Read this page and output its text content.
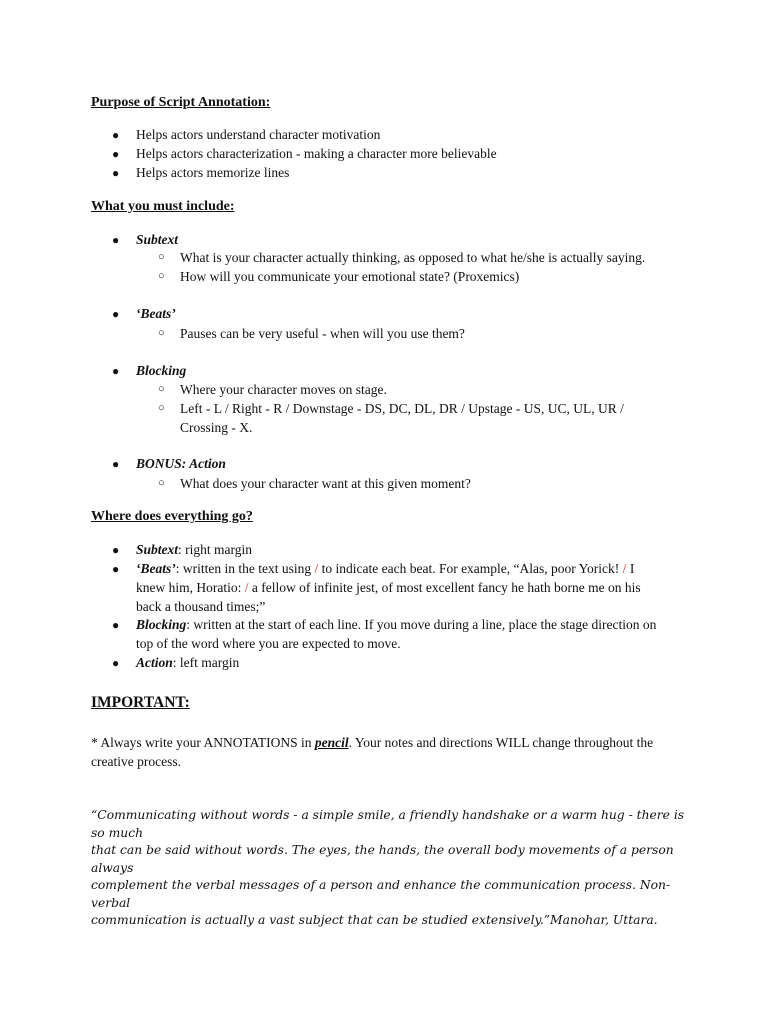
Purpose of Script Annotation:
● Helps actors understand character motivation
● Helps actors characterization - making a character more believable
● Helps actors memorize lines
What you must include:
● Subtext
○ What is your character actually thinking, as opposed to what he/she is actually saying.
○ How will you communicate your emotional state? (Proxemics)
● ‘Beats’
○ Pauses can be very useful - when will you use them?
● Blocking
○ Where your character moves on stage.
○ Left - L / Right - R / Downstage - DS, DC, DL, DR / Upstage - US, UC, UL, UR /
Crossing - X.
● BONUS: Action
○ What does your character want at this given moment?
Where does everything go?
● Subtext: right margin
● ‘Beats’: written in the text using / to indicate each beat. For example, “Alas, poor Yorick! / I
knew him, Horatio: / a fellow of infinite jest, of most excellent fancy he hath borne me on his
back a thousand times;”
● Blocking: written at the start of each line. If you move during a line, place the stage direction on
top of the word where you are expected to move.
● Action: left margin
IMPORTANT:
* Always write your ANNOTATIONS in pencil. Your notes and directions WILL change throughout the
creative process.
“Communicating without words - a simple smile, a friendly handshake or a warm hug - there is so much
that can be said without words. The eyes, the hands, the overall body movements of a person always
complement the verbal messages of a person and enhance the communication process. Non-verbal
communication is actually a vast subject that can be studied extensively.”Manohar, Uttara.
